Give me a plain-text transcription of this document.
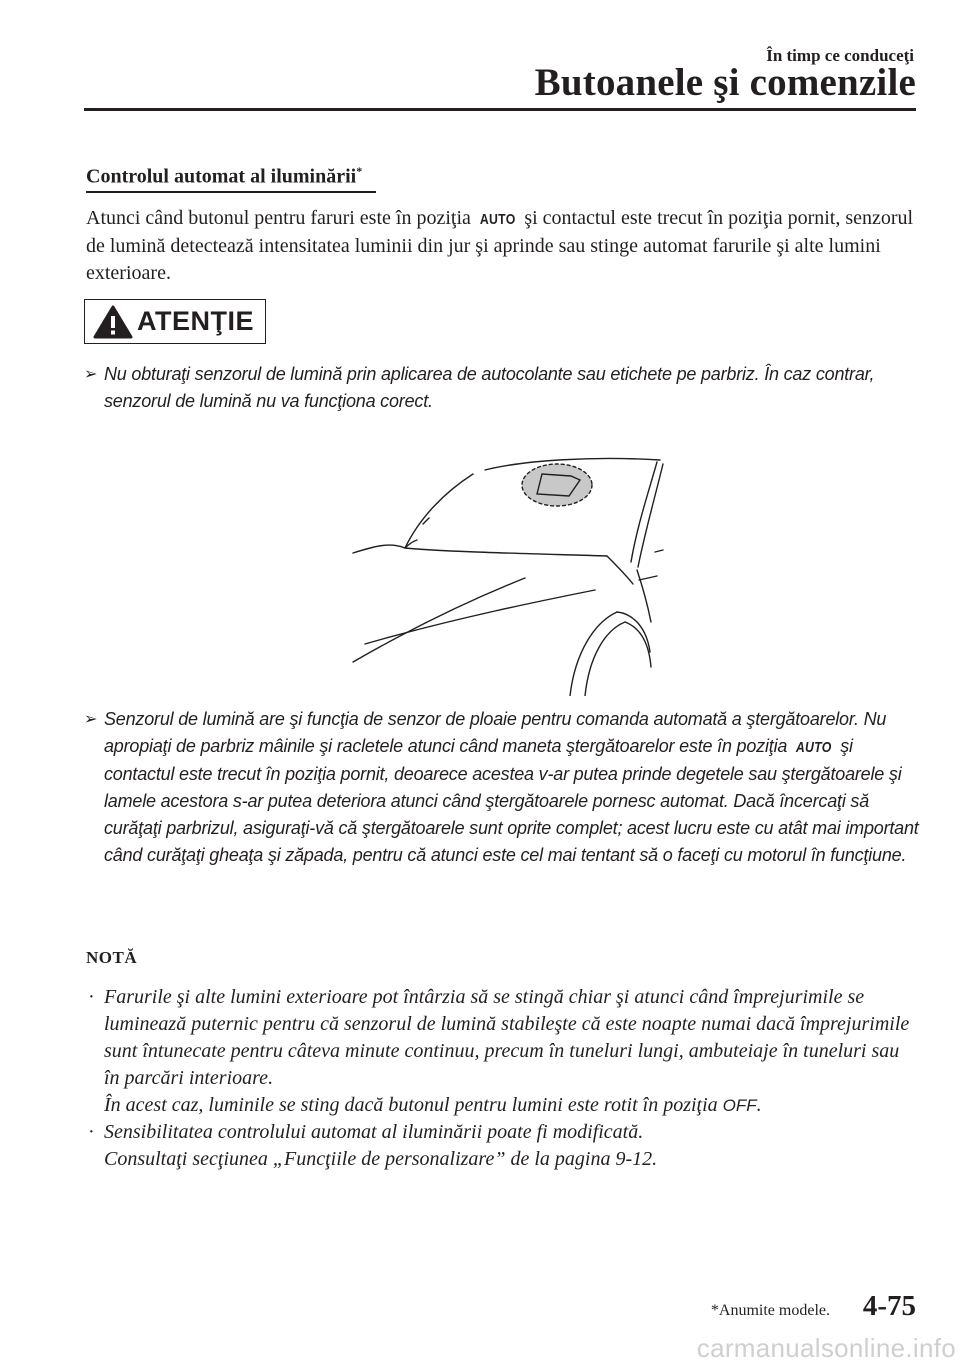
În timp ce conduceţi
Butoanele şi comenzile
Controlul automat al iluminării*
Atunci când butonul pentru faruri este în poziţia AUTO şi contactul este trecut în poziţia pornit, senzorul de lumină detectează intensitatea luminii din jur şi aprinde sau stinge automat farurile şi alte lumini exterioare.
ATENŢIE
➢ Nu obturaţi senzorul de lumină prin aplicarea de autocolante sau etichete pe parbriz. În caz contrar, senzorul de lumină nu va funcţiona corect.
➢ Senzorul de lumină are şi funcţia de senzor de ploaie pentru comanda automată a ştergătoarelor. Nu apropiaţi de parbriz mâinile şi racletele atunci când maneta ştergătoarelor este în poziţia AUTO şi contactul este trecut în poziţia pornit, deoarece acestea v-ar putea prinde degetele sau ştergătoarele şi lamele acestora s-ar putea deteriora atunci când ştergătoarele pornesc automat. Dacă încercaţi să curăţaţi parbrizul, asiguraţi-vă că ştergătoarele sunt oprite complet; acest lucru este cu atât mai important când curăţaţi gheaţa şi zăpada, pentru că atunci este cel mai tentant să o faceţi cu motorul în funcţiune.
NOTĂ
· Farurile şi alte lumini exterioare pot întârzia să se stingă chiar şi atunci când împrejurimile se luminează puternic pentru că senzorul de lumină stabileşte că este noapte numai dacă împrejurimile sunt întunecate pentru câteva minute continuu, precum în tuneluri lungi, ambuteiaje în tuneluri sau în parcări interioare.
În acest caz, luminile se sting dacă butonul pentru lumini este rotit în poziţia OFF.
· Sensibilitatea controlului automat al iluminării poate fi modificată.
Consultaţi secţiunea „Funcţiile de personalizare” de la pagina 9-12.
*Anumite modele. 4-75
carmanualsonline.info
